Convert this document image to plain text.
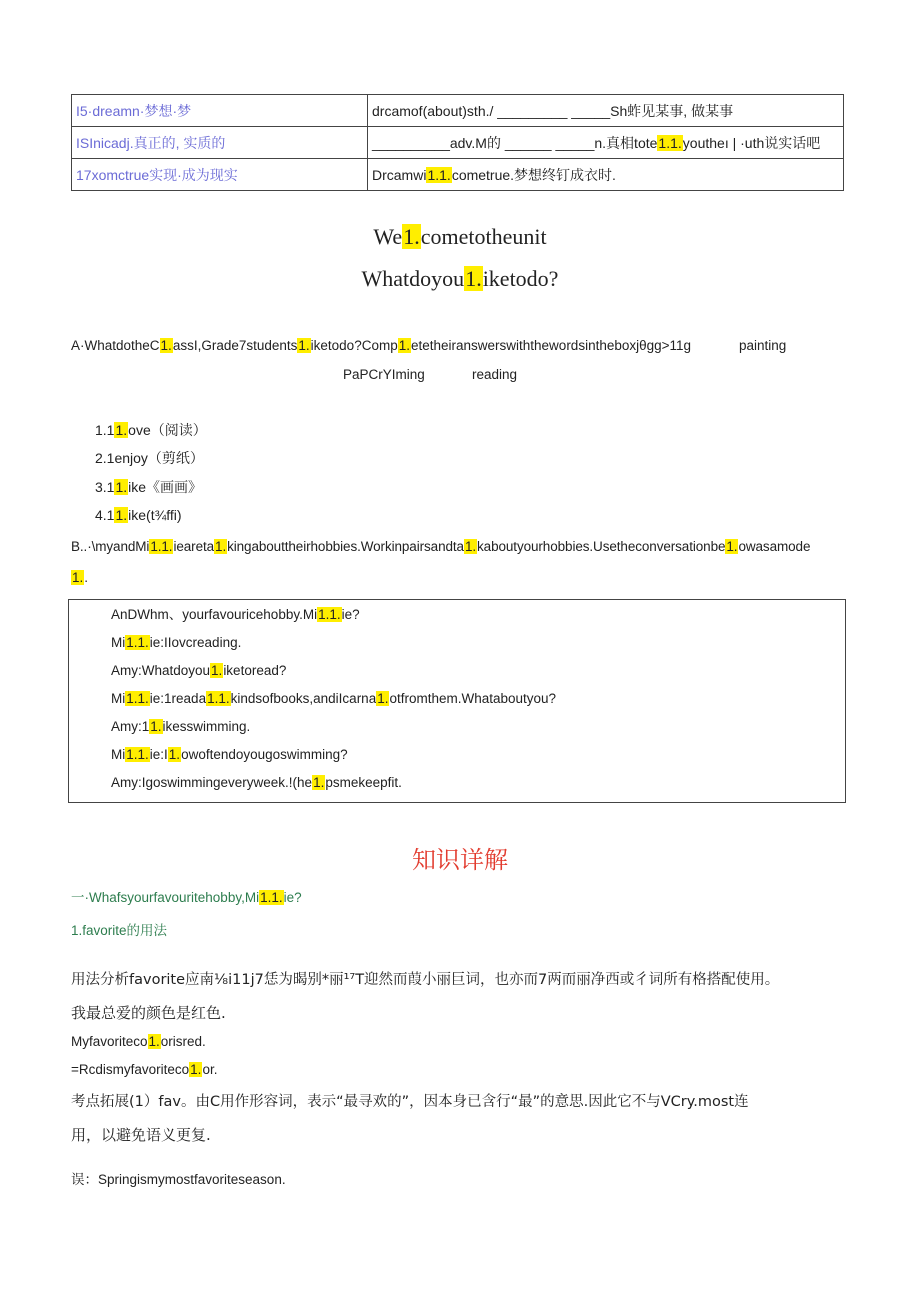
I5·dreamn·梦想·梦	drcamof(about)sth./ _________ _____Sh蚱见某事, 做某事
ISInicadj.真正的, 实质的	__________adv.M的 ______ _____n.真相tote1.1.youtheı | ·uth说实话吧
17xomctrue实现·成为现实	Drcamwi1.1.cometrue.梦想终钉成衣时.
We1.cometotheunit
Whatdoyou1.iketodo?
A·WhatdotheC1.assI,Grade7students1.iketodo?Comp1.etetheiranswerswiththewordsintheboxjθgg>11g	painting
PaPCrYIming	reading
1.11.ove（阅读）
2.1enjoy（剪纸）
3.11.ike《画画》
4.11.ike(t¾ffi)
B..·\myandMi1.1.ieareta1.kingabouttheirhobbies.Workinpairsandta1.kaboutyourhobbies.Usetheconversationbe1.owasamode
1..
AnDWhm、yourfavouricehobby.Mi1.1.ie?
Mi1.1.ie:IIovcreading.
Amy:Whatdoyou1.iketoread?
Mi1.1.ie:1reada1.1.kindsofbooks,andiIcarna1.otfromthem.Whataboutyou?
Amy:11.ikesswimming.
Mi1.1.ie:I1.owoftendoyougoswimming?
Amy:Igoswimmingeveryweek.!(he1.psmekeepfit.
知识详解
一·Whafsyourfavouritehobby,Mi1.1.ie?
1.favorite的用法
用法分析favorite应南⅛i11j7恁为暍别*丽¹⁷T迎然而葭小丽巨词，也亦而7两而丽净西或彳词所有格搭配使用。
我最总爱的颜色是红色.
Myfavoriteco1.orisred.
=Rcdismyfavoriteco1.or.
考点拓展(1）fav。由C用作形容词，表示“最寻欢的”，因本身已含行“最”的意思.因此它不与VCry.most连
用，以避免语义更复.
误：Springismymostfavoriteseason.
